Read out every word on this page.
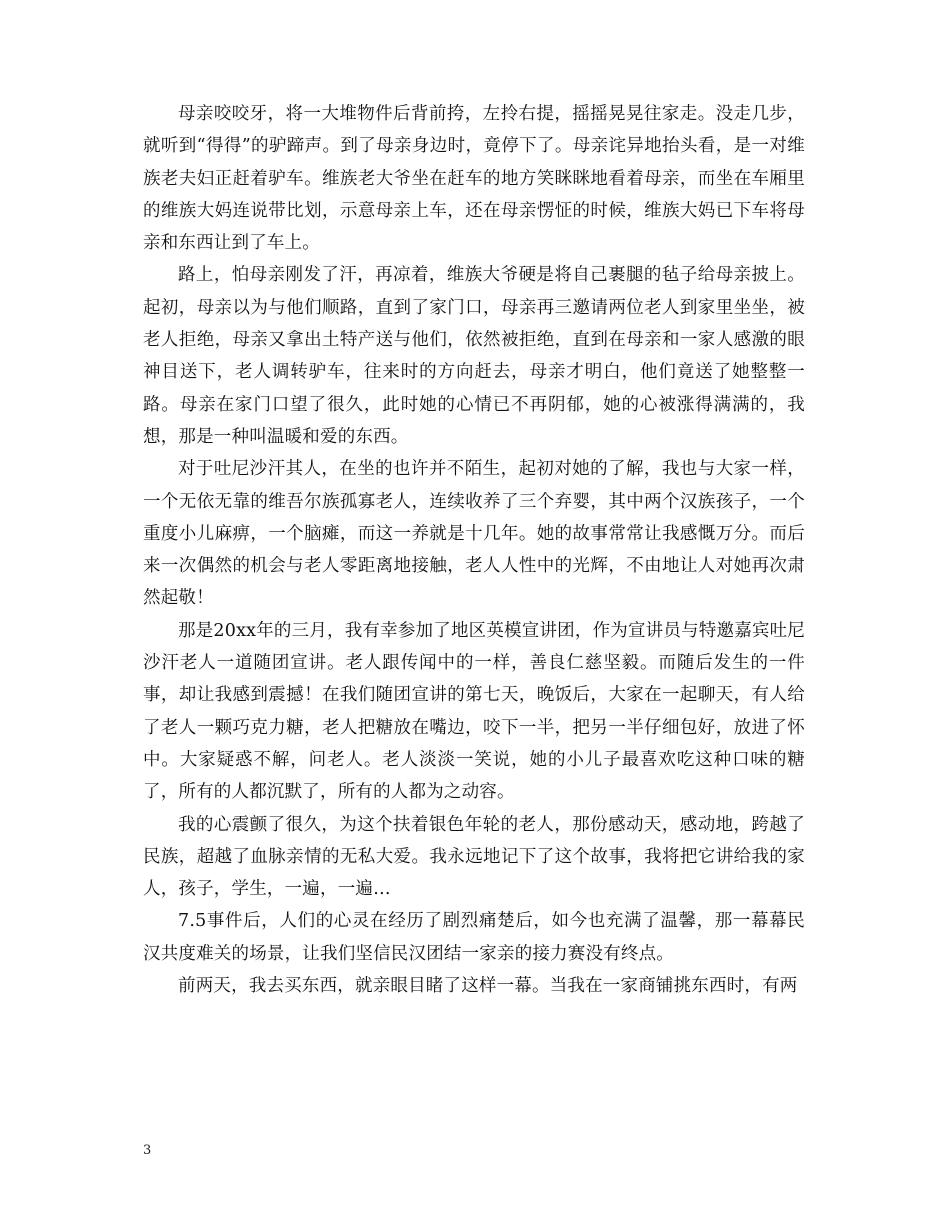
母亲咬咬牙，将一大堆物件后背前挎，左拎右提，摇摇晃晃往家走。没走几步，就听到“得得”的驴蹄声。到了母亲身边时，竟停下了。母亲诧异地抬头看，是一对维族老夫妇正赶着驴车。维族老大爷坐在赶车的地方笑眯眯地看着母亲，而坐在车厢里的维族大妈连说带比划，示意母亲上车，还在母亲愣怔的时候，维族大妈已下车将母亲和东西让到了车上。

路上，怕母亲刚发了汗，再凉着，维族大爷硬是将自己裹腿的毡子给母亲披上。起初，母亲以为与他们顺路，直到了家门口，母亲再三邀请两位老人到家里坐坐，被老人拒绝，母亲又拿出土特产送与他们，依然被拒绝，直到在母亲和一家人感激的眼神目送下，老人调转驴车，往来时的方向赶去，母亲才明白，他们竟送了她整整一路。母亲在家门口望了很久，此时她的心情已不再阴郁，她的心被涨得满满的，我想，那是一种叫温暖和爱的东西。

对于吐尼沙汗其人，在坐的也许并不陌生，起初对她的了解，我也与大家一样，一个无依无靠的维吾尔族孤寡老人，连续收养了三个弃婴，其中两个汉族孩子，一个重度小儿麻痹，一个脑瘫，而这一养就是十几年。她的故事常常让我感慨万分。而后来一次偶然的机会与老人零距离地接触，老人人性中的光辉，不由地让人对她再次肃然起敬！

那是20xx年的三月，我有幸参加了地区英模宣讲团，作为宣讲员与特邀嘉宾吐尼沙汗老人一道随团宣讲。老人跟传闻中的一样，善良仁慈坚毅。而随后发生的一件事，却让我感到震撼！在我们随团宣讲的第七天，晚饭后，大家在一起聊天，有人给了老人一颗巧克力糖，老人把糖放在嘴边，咬下一半，把另一半仔细包好，放进了怀中。大家疑惑不解，问老人。老人淡淡一笑说，她的小儿子最喜欢吃这种口味的糖了，所有的人都沉默了，所有的人都为之动容。

我的心震颤了很久，为这个扶着银色年轮的老人，那份感动天，感动地，跨越了民族，超越了血脉亲情的无私大爱。我永远地记下了这个故事，我将把它讲给我的家人，孩子，学生，一遍，一遍…

7.5事件后，人们的心灵在经历了剧烈痛楚后，如今也充满了温馨，那一幕幕民汉共度难关的场景，让我们坚信民汉团结一家亲的接力赛没有终点。

前两天，我去买东西，就亲眼目睹了这样一幕。当我在一家商铺挑东西时，有两

3
